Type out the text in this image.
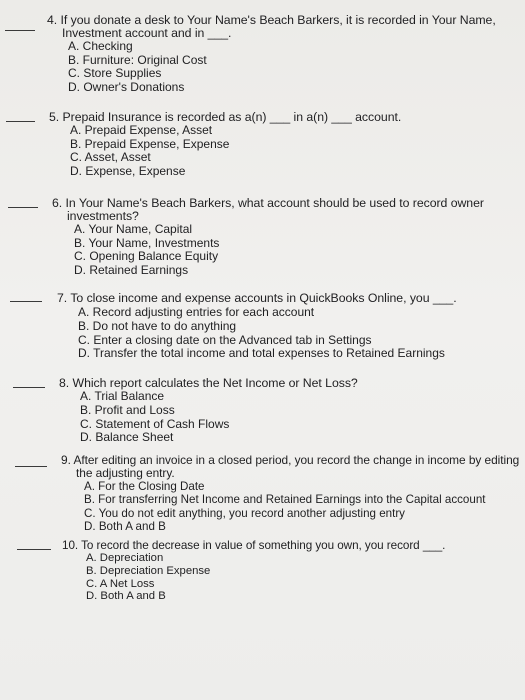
4. If you donate a desk to Your Name's Beach Barkers, it is recorded in Your Name,
Investment account and in ___.
A. Checking
B. Furniture: Original Cost
C. Store Supplies
D. Owner's Donations
5. Prepaid Insurance is recorded as a(n) ___ in a(n) ___ account.
A. Prepaid Expense, Asset
B. Prepaid Expense, Expense
C. Asset, Asset
D. Expense, Expense
6. In Your Name's Beach Barkers, what account should be used to record owner
investments?
A. Your Name, Capital
B. Your Name, Investments
C. Opening Balance Equity
D. Retained Earnings
7. To close income and expense accounts in QuickBooks Online, you ___.
A. Record adjusting entries for each account
B. Do not have to do anything
C. Enter a closing date on the Advanced tab in Settings
D. Transfer the total income and total expenses to Retained Earnings
8. Which report calculates the Net Income or Net Loss?
A. Trial Balance
B. Profit and Loss
C. Statement of Cash Flows
D. Balance Sheet
9. After editing an invoice in a closed period, you record the change in income by editing
the adjusting entry.
A. For the Closing Date
B. For transferring Net Income and Retained Earnings into the Capital account
C. You do not edit anything, you record another adjusting entry
D. Both A and B
10. To record the decrease in value of something you own, you record ___.
A. Depreciation
B. Depreciation Expense
C. A Net Loss
D. Both A and B
